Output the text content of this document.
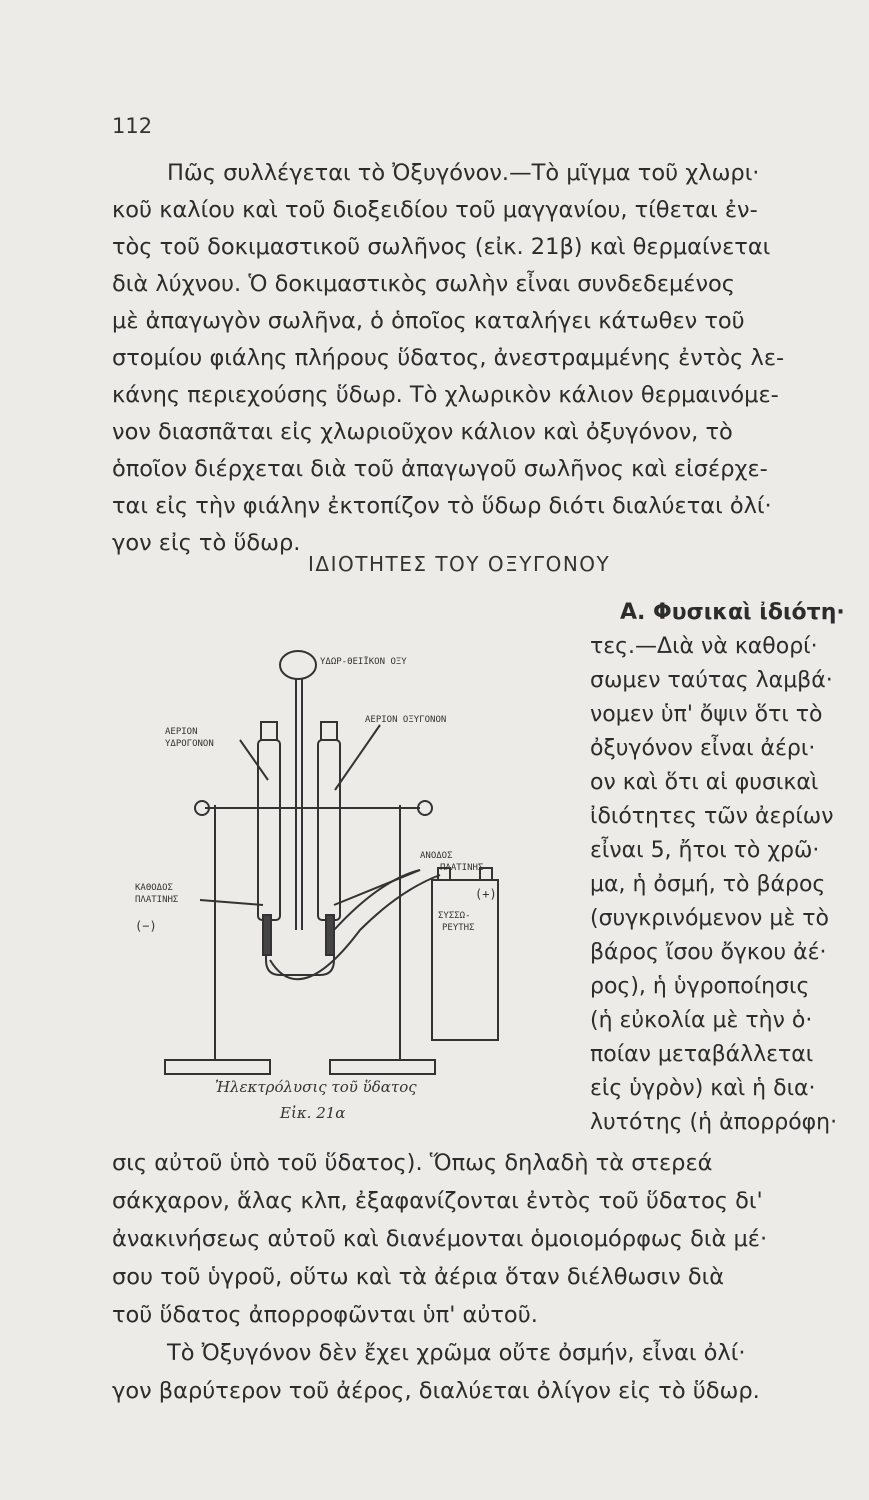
112
Πῶς συλλέγεται τὸ Ὀξυγόνον.—Τὸ μῖγμα τοῦ χλωρι·
κοῦ καλίου καὶ τοῦ διοξειδίου τοῦ μαγγανίου, τίθεται ἐν-
τὸς τοῦ δοκιμαστικοῦ σωλῆνος (εἰκ. 21β) καὶ θερμαίνεται
διὰ λύχνου. Ὁ δοκιμαστικὸς σωλὴν εἶναι συνδεδεμένος
μὲ ἀπαγωγὸν σωλῆνα, ὁ ὁποῖος καταλήγει κάτωθεν τοῦ
στομίου φιάλης πλήρους ὕδατος, ἀνεστραμμένης ἐντὸς λε-
κάνης περιεχούσης ὕδωρ. Τὸ χλωρικὸν κάλιον θερμαινόμε-
νον διασπᾶται εἰς χλωριοῦχον κάλιον καὶ ὀξυγόνον, τὸ
ὁποῖον διέρχεται διὰ τοῦ ἀπαγωγοῦ σωλῆνος καὶ εἰσέρχε-
ται εἰς τὴν φιάλην ἐκτοπίζον τὸ ὕδωρ διότι διαλύεται ὀλί·
γον εἰς τὸ ὕδωρ.
ΙΔΙΟΤΗΤΕΣ ΤΟΥ ΟΞΥΓΟΝΟΥ
ΥΔΩΡ-ΘΕΙΪΚΟΝ ΟΞΥ
ΑΕΡΙΟΝ
ΥΔΡΟΓΟΝΟΝ
ΑΕΡΙΟΝ ΟΞΥΓΟΝΟΝ
ΑΝΟΔΟΣ
ΠΛΑΤΙΝΗΣ
(+)
ΚΑΘΟΔΟΣ
ΠΛΑΤΙΝΗΣ
(−)
ΣΥΣΣΩ-
ΡΕΥΤΗΣ
Ἠλεκτρόλυσις τοῦ ὕδατος
Εἰκ. 21α
Α. Φυσικαὶ ἰδιότη·
τες.—Διὰ νὰ καθορί·
σωμεν ταύτας λαμβά·
νομεν ὑπ' ὄψιν ὅτι τὸ
ὀξυγόνον εἶναι ἀέρι·
ον καὶ ὅτι αἱ φυσικαὶ
ἰδιότητες τῶν ἀερίων
εἶναι 5, ἤτοι τὸ χρῶ·
μα, ἡ ὀσμή, τὸ βάρος
(συγκρινόμενον μὲ τὸ
βάρος ἴσου ὄγκου ἀέ·
ρος), ἡ ὑγροποίησις
(ἡ εὐκολία μὲ τὴν ὁ·
ποίαν μεταβάλλεται
εἰς ὑγρὸν) καὶ ἡ δια·
λυτότης (ἡ ἀπορρόφη·
σις αὐτοῦ ὑπὸ τοῦ ὕδατος). Ὅπως δηλαδὴ τὰ στερεά
σάκχαρον, ἅλας κλπ, ἐξαφανίζονται ἐντὸς τοῦ ὕδατος δι'
ἀνακινήσεως αὐτοῦ καὶ διανέμονται ὁμοιομόρφως διὰ μέ·
σου τοῦ ὑγροῦ, οὕτω καὶ τὰ ἀέρια ὅταν διέλθωσιν διὰ
τοῦ ὕδατος ἀπορροφῶνται ὑπ' αὐτοῦ.
Τὸ Ὀξυγόνον δὲν ἔχει χρῶμα οὔτε ὀσμήν, εἶναι ὀλί·
γον βαρύτερον τοῦ ἀέρος, διαλύεται ὀλίγον εἰς τὸ ὕδωρ.
